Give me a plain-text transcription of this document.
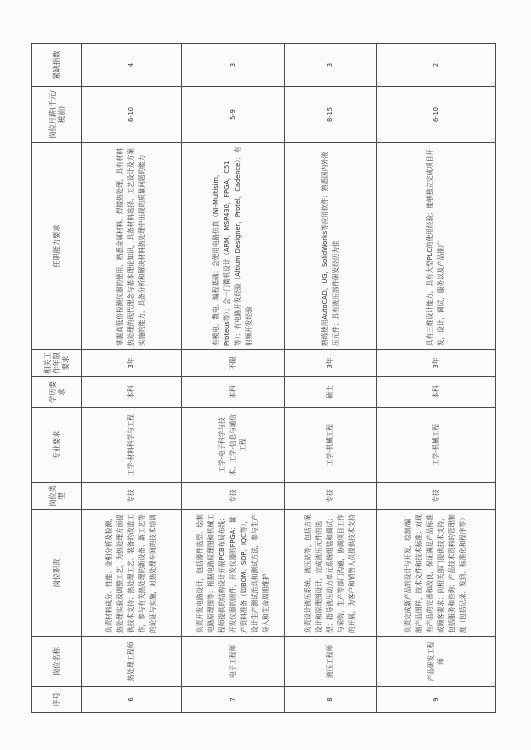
序号	岗位名称	岗位职责	岗位类型	专业要求	学历要求	相关工作年限要求	任职能力要求	岗位月薪(千元/税前)	紧缺指数
6	热处理工程师	负责材料成分、性能、金相分析及检测，热处理实验及调整工艺，为热处理方面提供技术支持；热处理工艺、装备的改造工作，参与有关热处理的新设备、新工艺等的论证与实施，对热处理车间的技术培训	专技	工学-材料科学与工程	本科	3年	掌握高低倍检测仪器的使用，熟悉金属材料、焊接热处理，具有材料热处理的现代理念与基本理论知识，具备材料选择、工艺设计及方案实施的能力，具备分析和解决材料热处理中出现的质量问题的能力	6-10	4
7	电子工程师	负责开发电路设计，包括器件选型、绘制电路原理图等；根据电路原理图和机械工程师提供的结构设计开展PCB布局布线；开发仪器的固件，开发仪器的FPGA；量产资料准备（如BOM、SOP、IQC等），设计生产测试治具和测试方法，参与生产导入和生命周期维护	专技	工学-电子科学与技术、工学-信息与通信工程	本科	不限	有模电、数电、编程基础；会使用电路仿真（NI-Multisim，Proteus等）；会一门微机设计（ARM，MSP430，FPGA，C51等）；有电路开发经验（Altium Designer，Protel，Cadence）；有射频开发经验	5-9	3
8	液压工程师	负责设计液压系统、液压站等，包括方案设计和原理图设计，完成液压元件的选型；指导液压动力单元系统组装和调试；与采购、生产等部门沟通，协调项目工作的开展，为客户和销售人员提供技术支持	专技	工学-机械工程	硕士	3年	熟练使用AutoCAD，UG，SolidWorks等应用软件；熟悉国内外液压元件；具有液压部件研发经历为佳	8-15	3
9	产品研发工程师	负责完成新产品的设计与开发，绘制/编制产品图样，技术文件和技术标准；对现有产品的完善和改良，保证满足产品标准或顾客要求；向相关部门提供技术支持，包括服务和咨询；产品技术资料的管理制度（包括记录、发到、标准化和程序等）	专技	工学-机械工程	本科	3年	具有三维设计能力，具有大型PLC的使用经验；能够独立完成项目开发，设计，调试，服务以及产品推广	6-10	2
